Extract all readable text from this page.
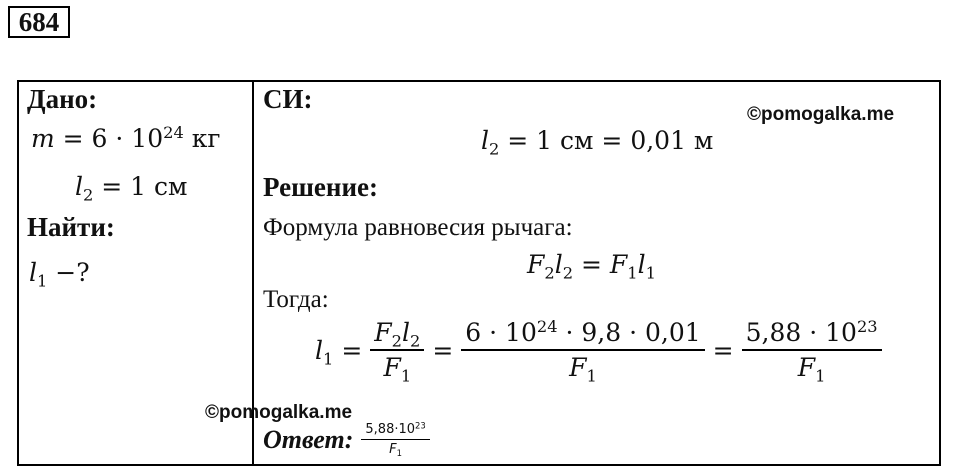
684
Дано:
$m = 6 \cdot 10^{24}$ кг
$l_2 = 1$ см
Найти:
$l_1$ −?
СИ:
©pomogalka.me
$l_2 = 1$ см = 0,01 м
Решение:
Формула равновесия рычага:
$F_2l_2 = F_1l_1$
Тогда:
$l_1 = \frac{F_2l_2}{F_1} = \frac{6 \cdot 10^{24} \cdot 9,8 \cdot 0,01}{F_1} = \frac{5,88 \cdot 10^{23}}{F_1}$
©pomogalka.me
Ответ: $\frac{5,88\cdot 10^{23}}{F_1}$
